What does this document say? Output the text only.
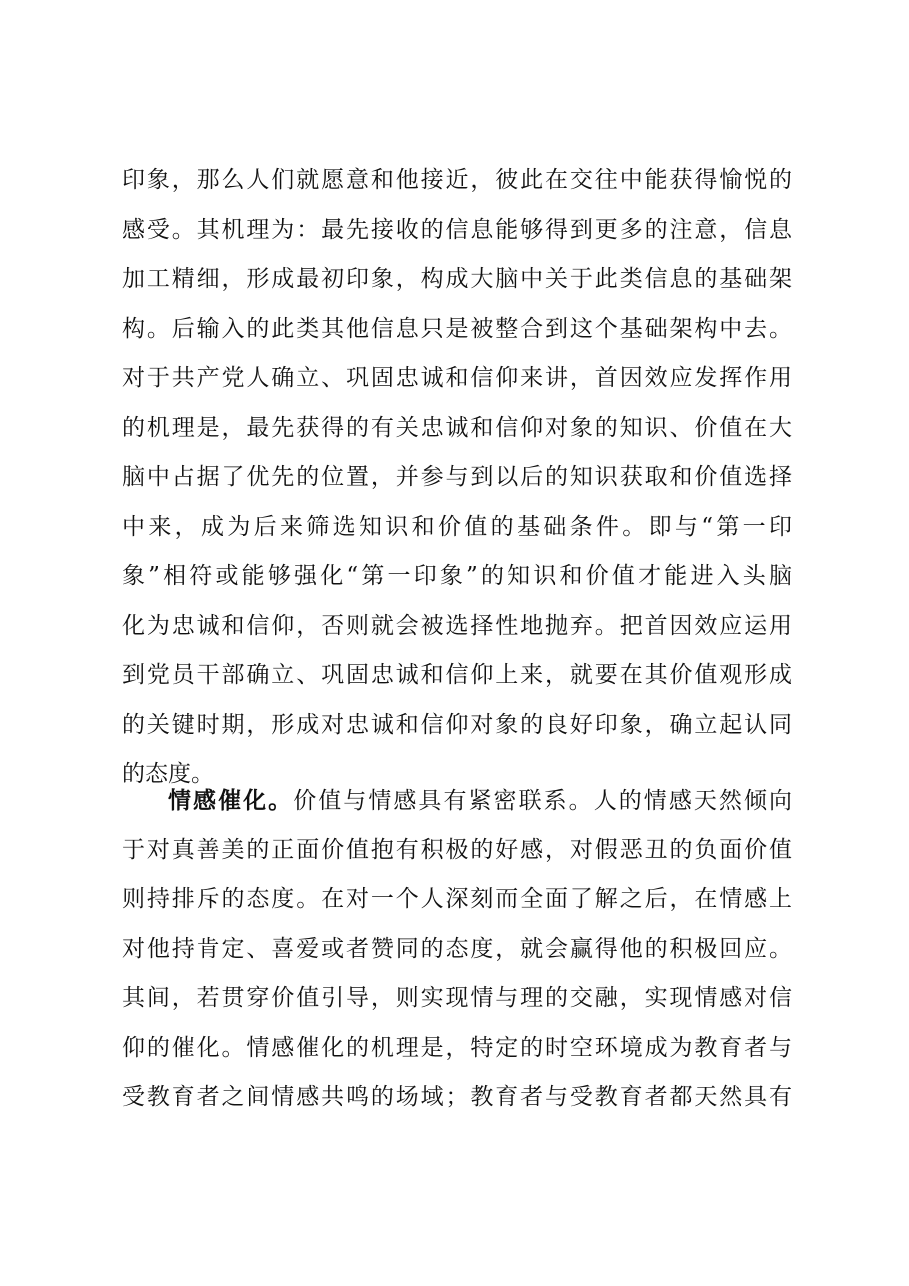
印象，那么人们就愿意和他接近，彼此在交往中能获得愉悦的
感受。其机理为：最先接收的信息能够得到更多的注意，信息
加工精细，形成最初印象，构成大脑中关于此类信息的基础架
构。后输入的此类其他信息只是被整合到这个基础架构中去。
对于共产党人确立、巩固忠诚和信仰来讲，首因效应发挥作用
的机理是，最先获得的有关忠诚和信仰对象的知识、价值在大
脑中占据了优先的位置，并参与到以后的知识获取和价值选择
中来，成为后来筛选知识和价值的基础条件。即与“第一印
象”相符或能够强化“第一印象”的知识和价值才能进入头脑
化为忠诚和信仰，否则就会被选择性地抛弃。把首因效应运用
到党员干部确立、巩固忠诚和信仰上来，就要在其价值观形成
的关键时期，形成对忠诚和信仰对象的良好印象，确立起认同
的态度。
情感催化。价值与情感具有紧密联系。人的情感天然倾向
于对真善美的正面价值抱有积极的好感，对假恶丑的负面价值
则持排斥的态度。在对一个人深刻而全面了解之后，在情感上
对他持肯定、喜爱或者赞同的态度，就会赢得他的积极回应。
其间，若贯穿价值引导，则实现情与理的交融，实现情感对信
仰的催化。情感催化的机理是，特定的时空环境成为教育者与
受教育者之间情感共鸣的场域；教育者与受教育者都天然具有
